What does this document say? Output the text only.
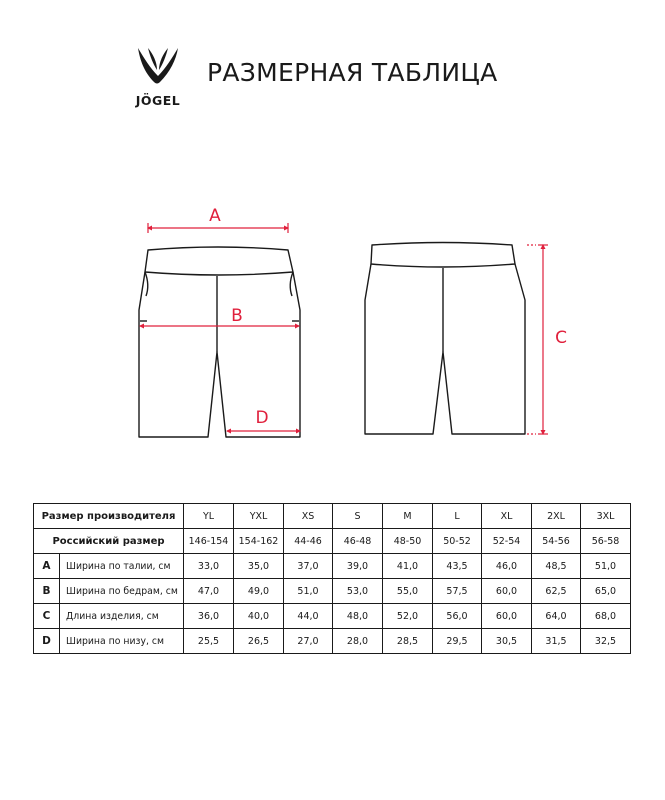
JÖGEL
РАЗМЕРНАЯ ТАБЛИЦА
A
B
C
D
Размер производителя		YL	YXL	XS	S	M	L	XL	2XL	3XL
Российский размер		146-154	154-162	44-46	46-48	48-50	50-52	52-54	54-56	56-58
A	Ширина по талии, см	33,0	35,0	37,0	39,0	41,0	43,5	46,0	48,5	51,0
B	Ширина по бедрам, см	47,0	49,0	51,0	53,0	55,0	57,5	60,0	62,5	65,0
C	Длина изделия, см	36,0	40,0	44,0	48,0	52,0	56,0	60,0	64,0	68,0
D	Ширина по низу, см	25,5	26,5	27,0	28,0	28,5	29,5	30,5	31,5	32,5
